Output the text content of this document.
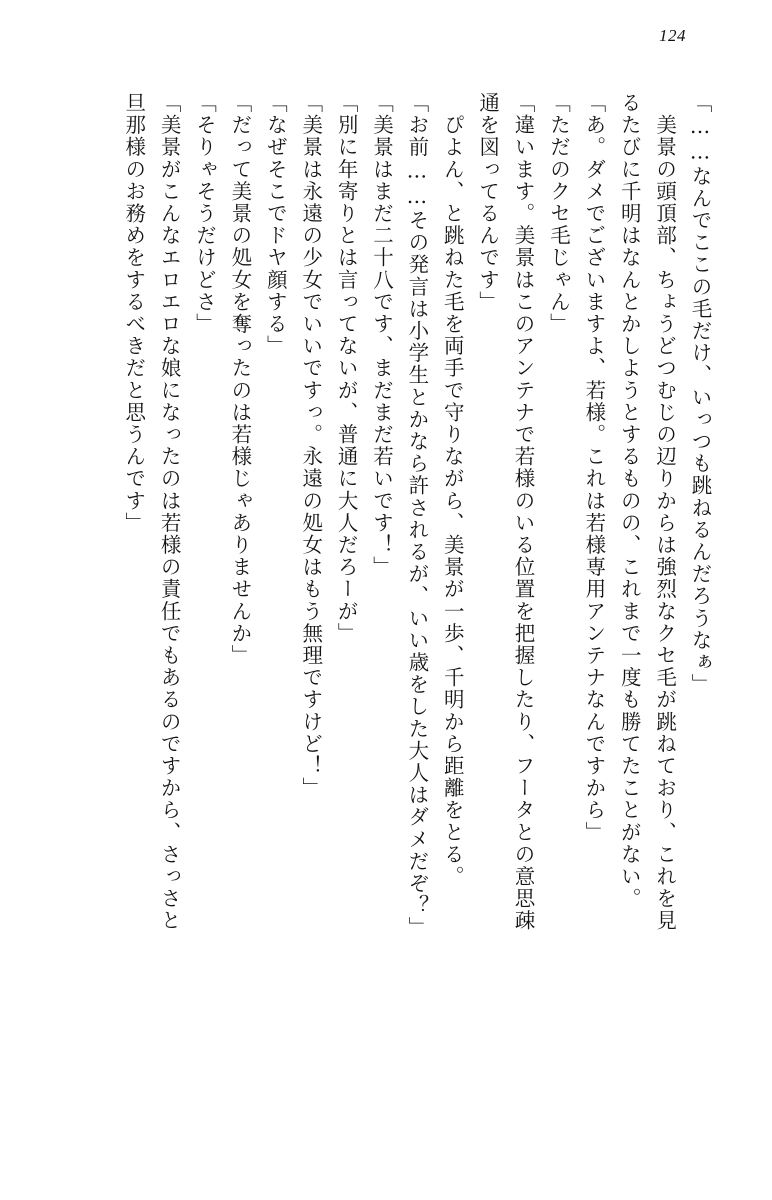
124
「……なんでここの毛だけ、いっつも跳ねるんだろうなぁ」
　美景の頭頂部、ちょうどつむじの辺りからは強烈なクセ毛が跳ねており、これを見
るたびに千明はなんとかしようとするものの、これまで一度も勝てたことがない。
「あ。ダメでございますよ、若様。これは若様専用アンテナなんですから」
「ただのクセ毛じゃん」
「違います。美景はこのアンテナで若様のいる位置を把握したり、フータとの意思疎
通を図ってるんです」
　ぴよん、と跳ねた毛を両手で守りながら、美景が一歩、千明から距離をとる。
「お前……その発言は小学生とかなら許されるが、いい歳をした大人はダメだぞ？」
「美景はまだ二十八です、まだまだ若いです！」
「別に年寄りとは言ってないが、普通に大人だろーが」
「美景は永遠の少女でいいですっ。永遠の処女はもう無理ですけど！」
「なぜそこでドヤ顔する」
「だって美景の処女を奪ったのは若様じゃありませんか」
「そりゃそうだけどさ」
「美景がこんなエロエロな娘になったのは若様の責任でもあるのですから、さっさと
旦那様のお務めをするべきだと思うんです」
